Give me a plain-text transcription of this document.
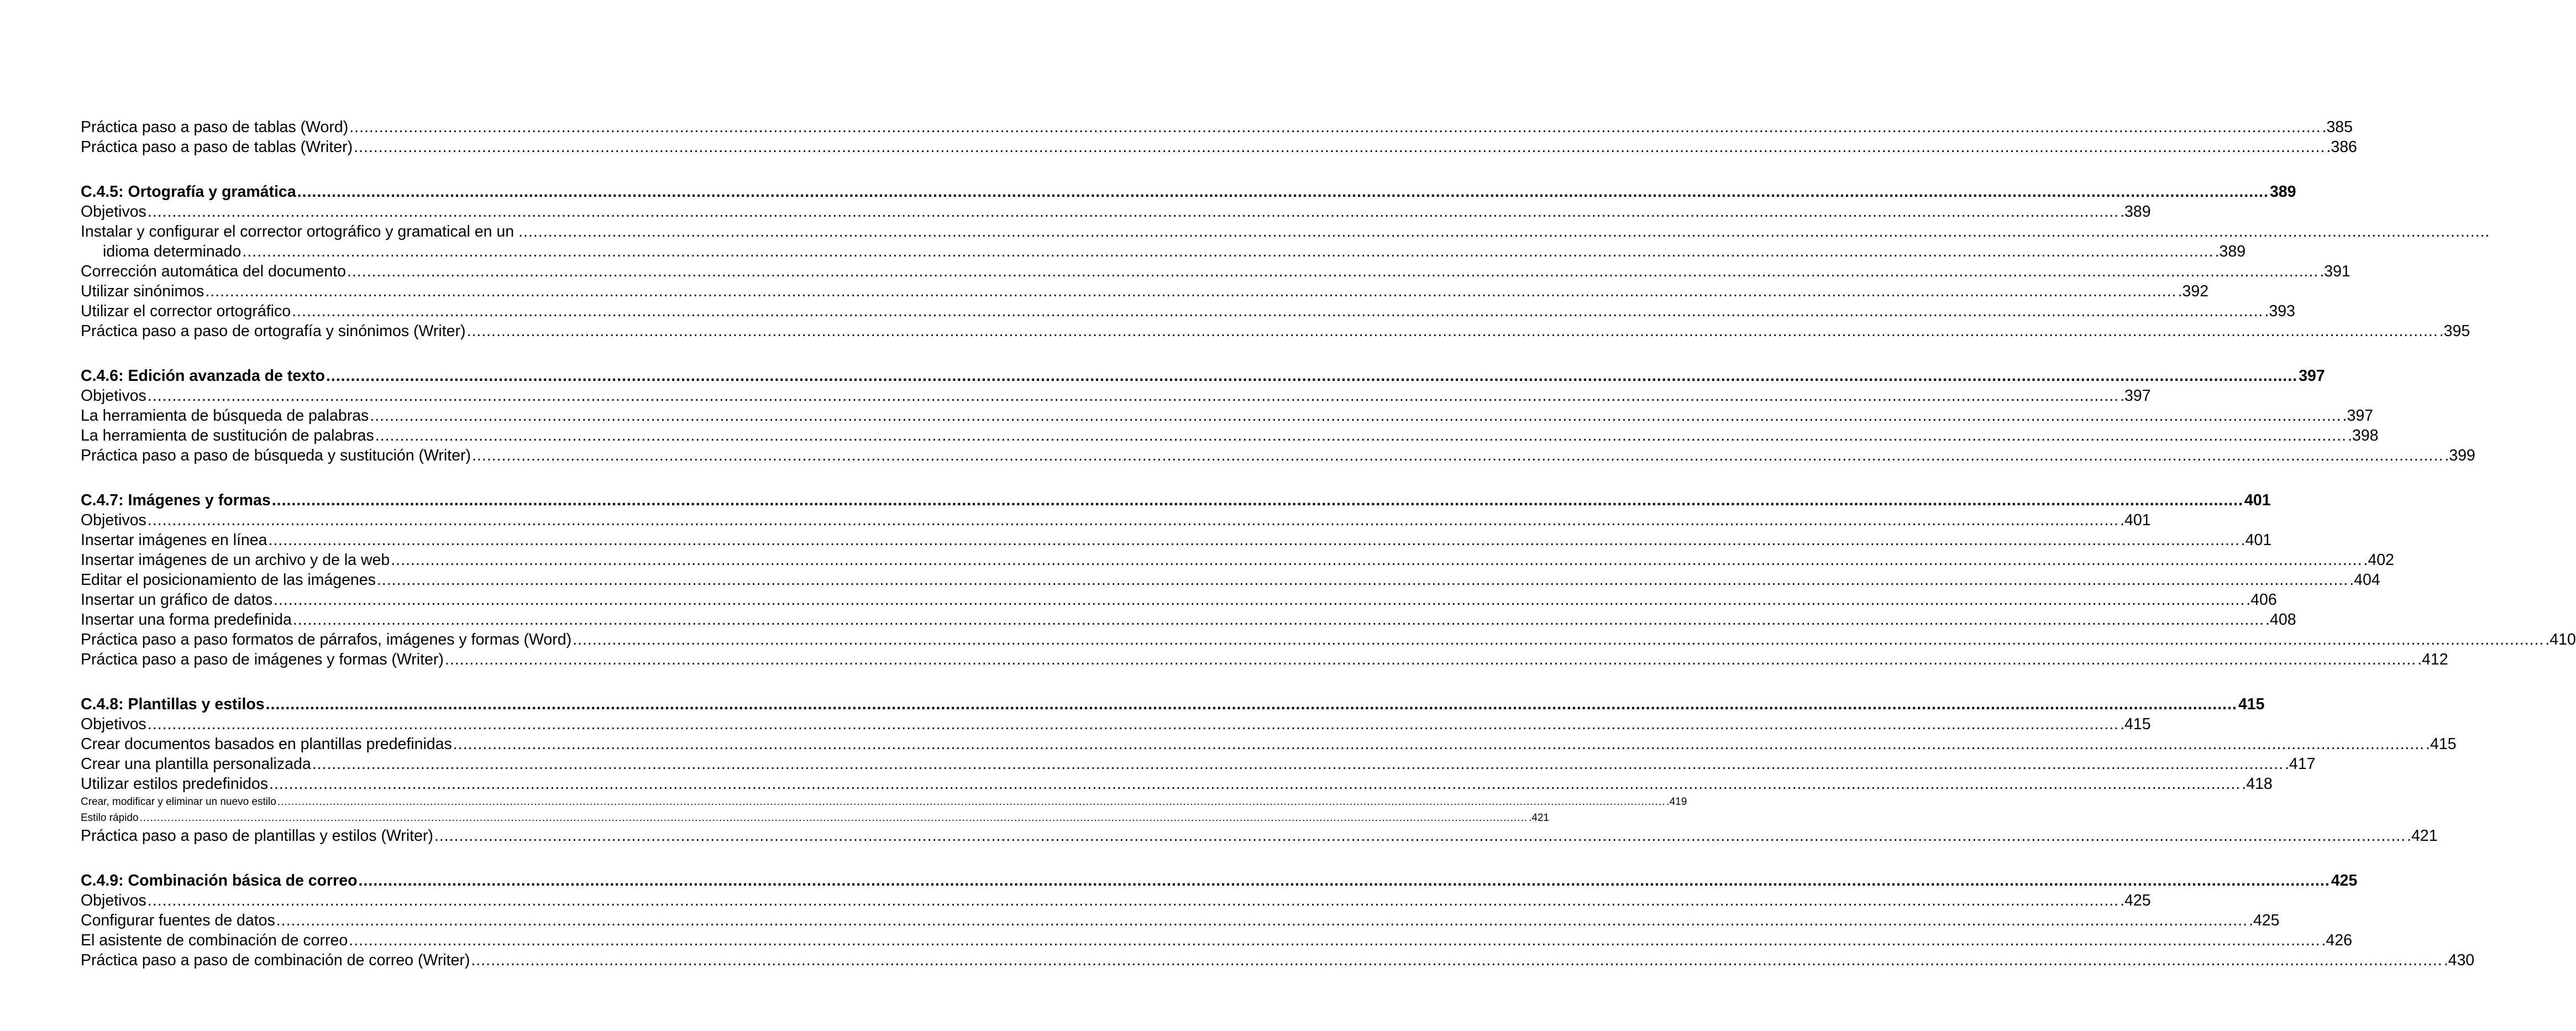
Práctica paso a paso de tablas (Word) ................................................................................................................................................................................................................................................................................................................................................................................................................ .385
Práctica paso a paso de tablas (Writer) ................................................................................................................................................................................................................................................................................................................................................................................................................ .386
C.4.5: Ortografía y gramática ................................................................................................................................................................................................................................................................................................................................................................................................................ 389
Objetivos ................................................................................................................................................................................................................................................................................................................................................................................................................ .389
Instalar y configurar el corrector ortográfico y gramatical en un ................................................................................................................................................................................................................................................................................................................................................................................................................
idioma determinado ................................................................................................................................................................................................................................................................................................................................................................................................................ .389
Corrección automática del documento ................................................................................................................................................................................................................................................................................................................................................................................................................ .391
Utilizar sinónimos ................................................................................................................................................................................................................................................................................................................................................................................................................ .392
Utilizar el corrector ortográfico ................................................................................................................................................................................................................................................................................................................................................................................................................ .393
Práctica paso a paso de ortografía y sinónimos (Writer) ................................................................................................................................................................................................................................................................................................................................................................................................................ .395
C.4.6: Edición avanzada de texto ................................................................................................................................................................................................................................................................................................................................................................................................................ 397
Objetivos ................................................................................................................................................................................................................................................................................................................................................................................................................ .397
La herramienta de búsqueda de palabras ................................................................................................................................................................................................................................................................................................................................................................................................................ .397
La herramienta de sustitución de palabras ................................................................................................................................................................................................................................................................................................................................................................................................................ .398
Práctica paso a paso de búsqueda y sustitución (Writer) ................................................................................................................................................................................................................................................................................................................................................................................................................ .399
C.4.7: Imágenes y formas ................................................................................................................................................................................................................................................................................................................................................................................................................ 401
Objetivos ................................................................................................................................................................................................................................................................................................................................................................................................................ .401
Insertar imágenes en línea ................................................................................................................................................................................................................................................................................................................................................................................................................ .401
Insertar imágenes de un archivo y de la web ................................................................................................................................................................................................................................................................................................................................................................................................................ .402
Editar el posicionamiento de las imágenes ................................................................................................................................................................................................................................................................................................................................................................................................................ .404
Insertar un gráfico de datos ................................................................................................................................................................................................................................................................................................................................................................................................................ .406
Insertar una forma predefinida ................................................................................................................................................................................................................................................................................................................................................................................................................ .408
Práctica paso a paso formatos de párrafos, imágenes y formas (Word) ................................................................................................................................................................................................................................................................................................................................................................................................................ .410
Práctica paso a paso de imágenes y formas (Writer) ................................................................................................................................................................................................................................................................................................................................................................................................................ .412
C.4.8: Plantillas y estilos ................................................................................................................................................................................................................................................................................................................................................................................................................ 415
Objetivos ................................................................................................................................................................................................................................................................................................................................................................................................................ .415
Crear documentos basados en plantillas predefinidas ................................................................................................................................................................................................................................................................................................................................................................................................................ .415
Crear una plantilla personalizada ................................................................................................................................................................................................................................................................................................................................................................................................................ .417
Utilizar estilos predefinidos ................................................................................................................................................................................................................................................................................................................................................................................................................ .418
Crear, modificar y eliminar un nuevo estilo ................................................................................................................................................................................................................................................................................................................................................................................................................ .419
Estilo rápido ................................................................................................................................................................................................................................................................................................................................................................................................................ .421
Práctica paso a paso de plantillas y estilos (Writer) ................................................................................................................................................................................................................................................................................................................................................................................................................ .421
C.4.9: Combinación básica de correo ................................................................................................................................................................................................................................................................................................................................................................................................................ 425
Objetivos ................................................................................................................................................................................................................................................................................................................................................................................................................ .425
Configurar fuentes de datos ................................................................................................................................................................................................................................................................................................................................................................................................................ .425
El asistente de combinación de correo ................................................................................................................................................................................................................................................................................................................................................................................................................ .426
Práctica paso a paso de combinación de correo (Writer) ................................................................................................................................................................................................................................................................................................................................................................................................................ .430
